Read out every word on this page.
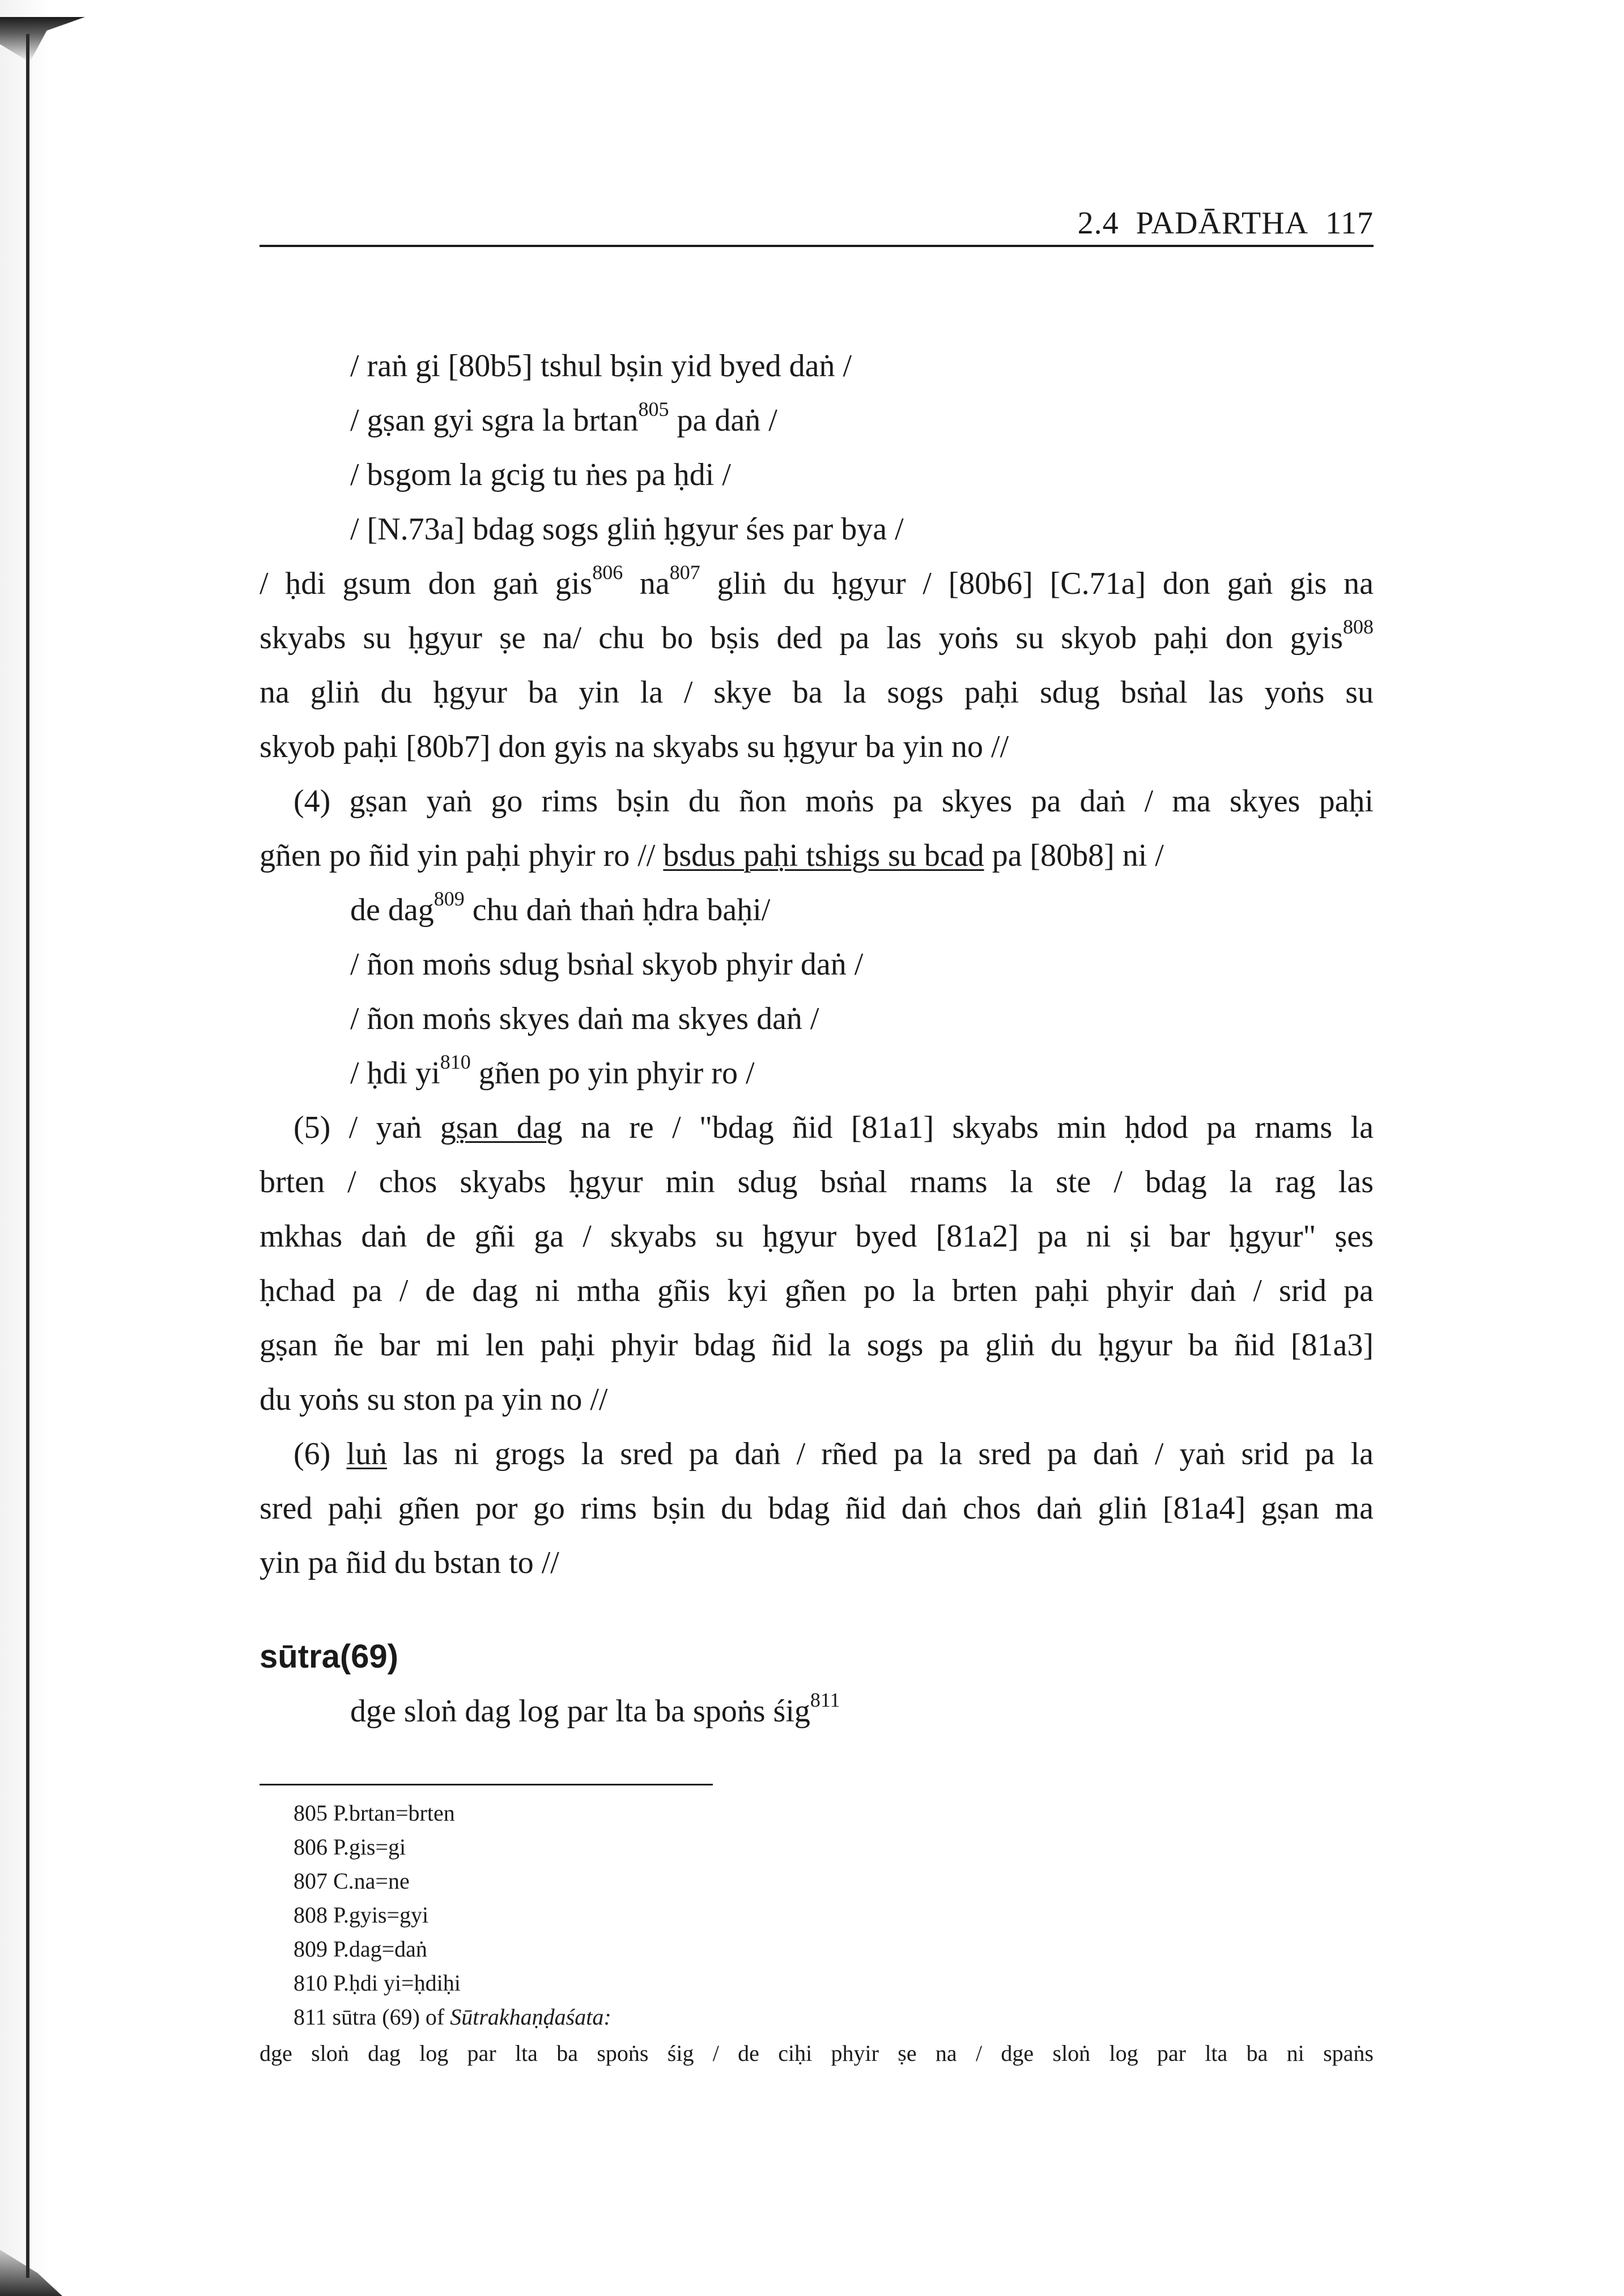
2.4 PADĀRTHA 117
/ raṅ gi [80b5] tshul bṣin yid byed daṅ /
/ gṣan gyi sgra la brtan$^{805}$ pa daṅ /
/ bsgom la gcig tu ṅes pa ḥdi /
/ [N.73a] bdag sogs gliṅ ḥgyur śes par bya /
/ ḥdi gsum don gaṅ gis$^{806}$ $na^{807}$ gliṅ du ḥgyur / [80b6] [C.71a] don gaṅ gis na
skyabs su ḥgyur ṣe na/ chu bo bṣis ded pa las yoṅs su skyob paḥi don gyis$^{808}$
na gliṅ du ḥgyur ba yin la / skye ba la sogs paḥi sdug bsṅal las yoṅs su
skyob paḥi [80b7] don gyis na skyabs su ḥgyur ba yin no //
(4) gṣan yaṅ go rims bṣin du ñon moṅs pa skyes pa daṅ / ma skyes paḥi
gñen po ñid yin paḥi phyir ro // bsdus paḥi tshigs su bcad pa [80b8] ni /
de dag$^{809}$ chu daṅ thaṅ ḥdra baḥi/
/ ñon moṅs sdug bsṅal skyob phyir daṅ /
/ ñon moṅs skyes daṅ ma skyes daṅ /
/ ḥdi $yi^{810}$ gñen po yin phyir ro /
(5) / yaṅ gṣan dag na re / "bdag ñid [81a1] skyabs min ḥdod pa rnams la
brten / chos skyabs ḥgyur min sdug bsṅal rnams la ste / bdag la rag las
mkhas daṅ de gñi ga / skyabs su ḥgyur byed [81a2] pa ni ṣi bar ḥgyur" ṣes
ḥchad pa / de dag ni mtha gñis kyi gñen po la brten paḥi phyir daṅ / srid pa
gṣan ñe bar mi len paḥi phyir bdag ñid la sogs pa gliṅ du ḥgyur ba ñid [81a3]
du yoṅs su ston pa yin no //
(6) luṅ las ni grogs la sred pa daṅ / rñed pa la sred pa daṅ / yaṅ srid pa la
sred paḥi gñen por go rims bṣin du bdag ñid daṅ chos daṅ gliṅ [81a4] gṣan ma
yin pa ñid du bstan to //
sūtra(69)
dge sloṅ dag log par lta ba spoṅs śig$^{811}$
805 P.brtan=brten
806 P.gis=gi
807 C.na=ne
808 P.gyis=gyi
809 P.dag=daṅ
810 P.ḥdi yi=ḥdiḥi
811 sūtra (69) of Sūtrakhaṇḍaśata:
dge sloṅ dag log par lta ba spoṅs śig / de ciḥi phyir ṣe na / dge sloṅ log par lta ba ni spaṅs
